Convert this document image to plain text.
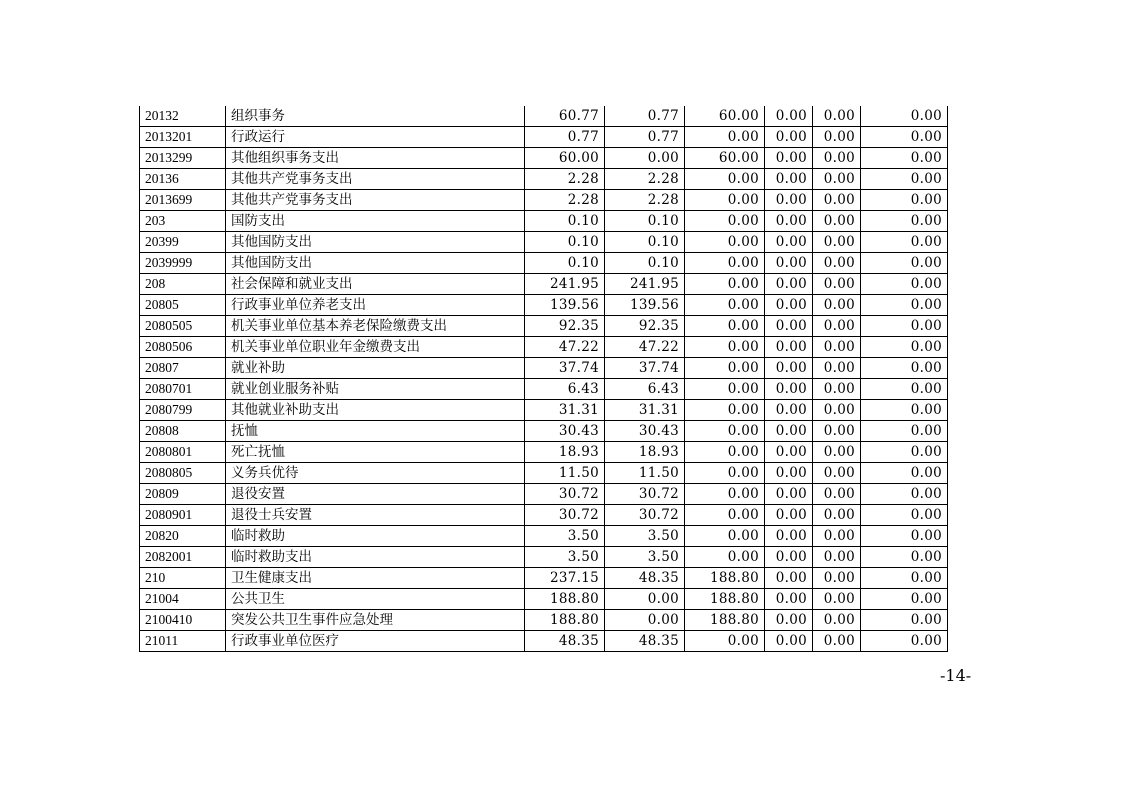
20132	组织事务	60.77	0.77	60.00	0.00	0.00	0.00
2013201	行政运行	0.77	0.77	0.00	0.00	0.00	0.00
2013299	其他组织事务支出	60.00	0.00	60.00	0.00	0.00	0.00
20136	其他共产党事务支出	2.28	2.28	0.00	0.00	0.00	0.00
2013699	其他共产党事务支出	2.28	2.28	0.00	0.00	0.00	0.00
203	国防支出	0.10	0.10	0.00	0.00	0.00	0.00
20399	其他国防支出	0.10	0.10	0.00	0.00	0.00	0.00
2039999	其他国防支出	0.10	0.10	0.00	0.00	0.00	0.00
208	社会保障和就业支出	241.95	241.95	0.00	0.00	0.00	0.00
20805	行政事业单位养老支出	139.56	139.56	0.00	0.00	0.00	0.00
2080505	机关事业单位基本养老保险缴费支出	92.35	92.35	0.00	0.00	0.00	0.00
2080506	机关事业单位职业年金缴费支出	47.22	47.22	0.00	0.00	0.00	0.00
20807	就业补助	37.74	37.74	0.00	0.00	0.00	0.00
2080701	就业创业服务补贴	6.43	6.43	0.00	0.00	0.00	0.00
2080799	其他就业补助支出	31.31	31.31	0.00	0.00	0.00	0.00
20808	抚恤	30.43	30.43	0.00	0.00	0.00	0.00
2080801	死亡抚恤	18.93	18.93	0.00	0.00	0.00	0.00
2080805	义务兵优待	11.50	11.50	0.00	0.00	0.00	0.00
20809	退役安置	30.72	30.72	0.00	0.00	0.00	0.00
2080901	退役士兵安置	30.72	30.72	0.00	0.00	0.00	0.00
20820	临时救助	3.50	3.50	0.00	0.00	0.00	0.00
2082001	临时救助支出	3.50	3.50	0.00	0.00	0.00	0.00
210	卫生健康支出	237.15	48.35	188.80	0.00	0.00	0.00
21004	公共卫生	188.80	0.00	188.80	0.00	0.00	0.00
2100410	突发公共卫生事件应急处理	188.80	0.00	188.80	0.00	0.00	0.00
21011	行政事业单位医疗	48.35	48.35	0.00	0.00	0.00	0.00
-14-
